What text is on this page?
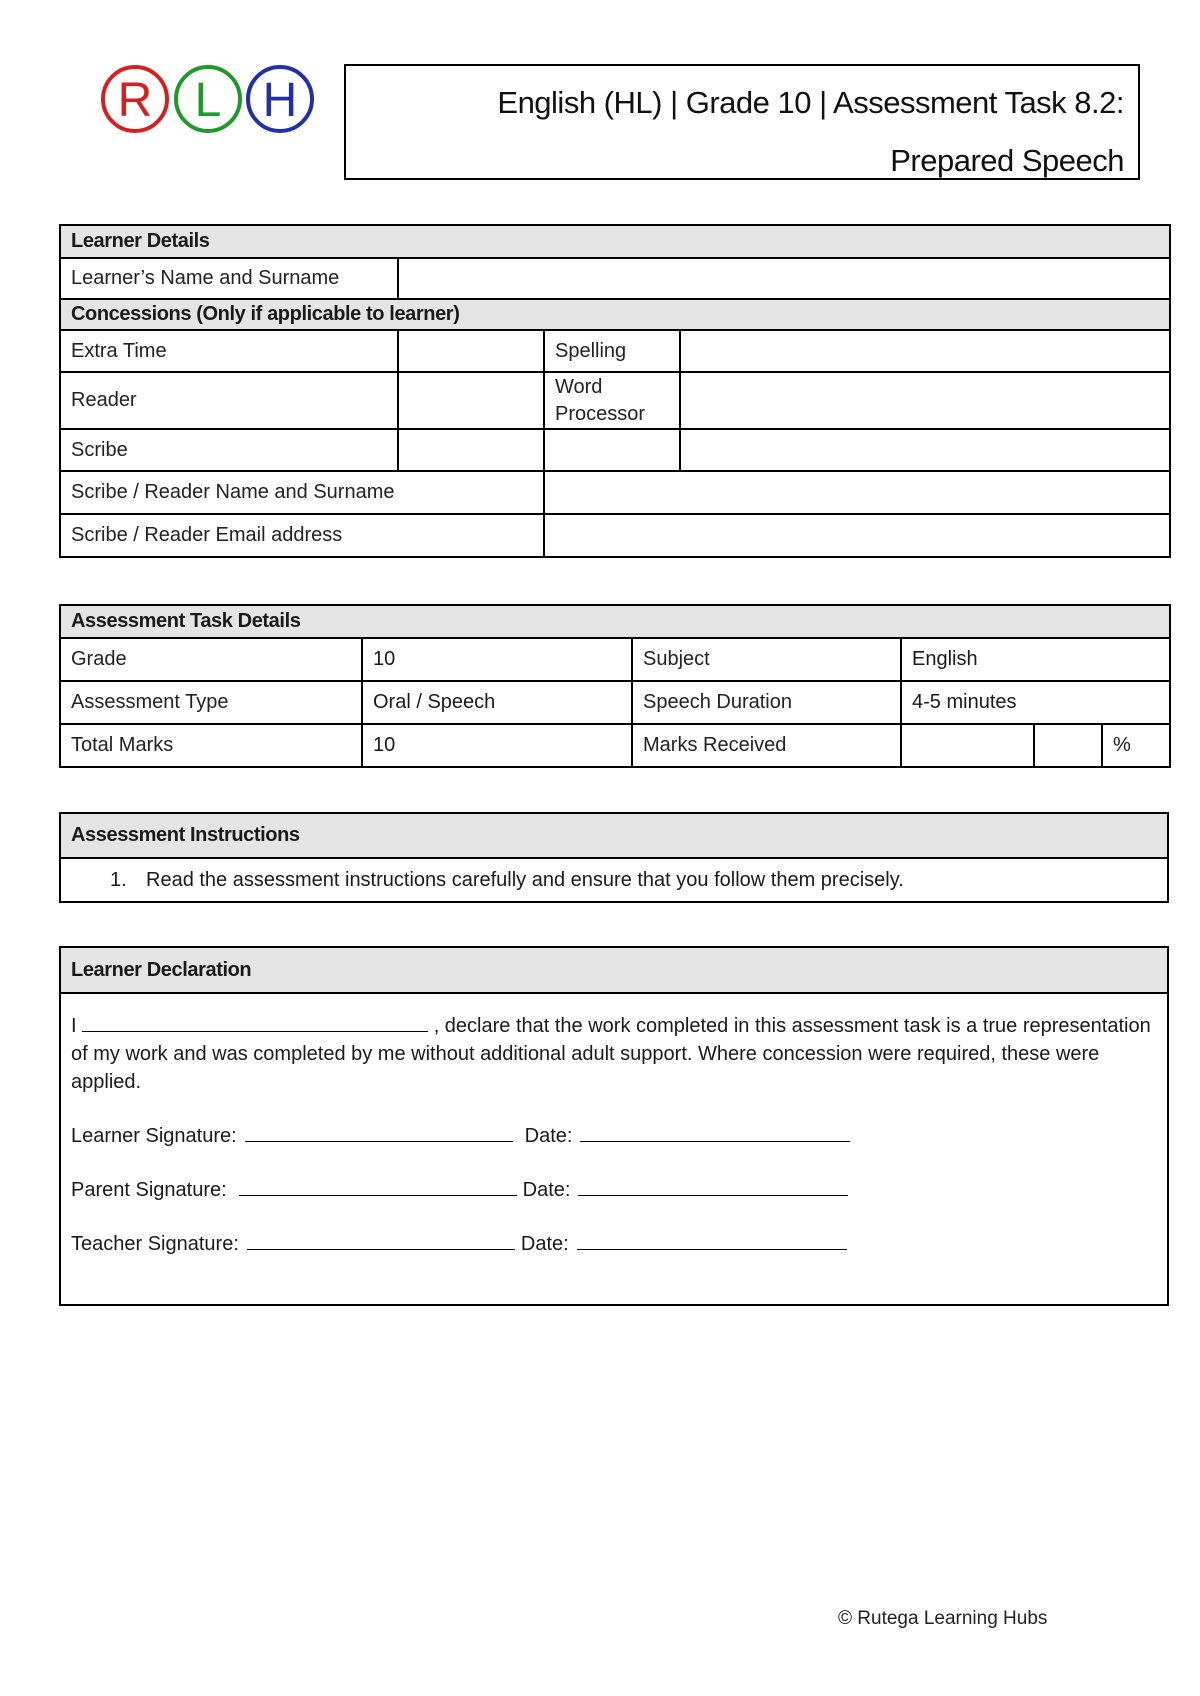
R L H	English (HL) | Grade 10 | Assessment Task 8.2:
Prepared Speech
Learner Details			
Learner’s Name and Surname			
Concessions (Only if applicable to learner)			
Extra Time		Spelling	
Reader		Word
Processor	
Scribe			
Scribe / Reader Name and Surname			
Scribe / Reader Email address			
Assessment Task Details					
Grade	10	Subject	English		
Assessment Type	Oral / Speech	Speech Duration	4-5 minutes		
Total Marks	10	Marks Received			%
Assessment Instructions
1. Read the assessment instructions carefully and ensure that you follow them precisely.
Learner Declaration

I	, declare that the work completed in this assessment task is a true representation of my work and was completed by me without additional adult support. Where concession were required, these were applied.
Learner Signature:	Date:
Parent Signature:	Date:
Teacher Signature:	Date:
© Rutega Learning Hubs
